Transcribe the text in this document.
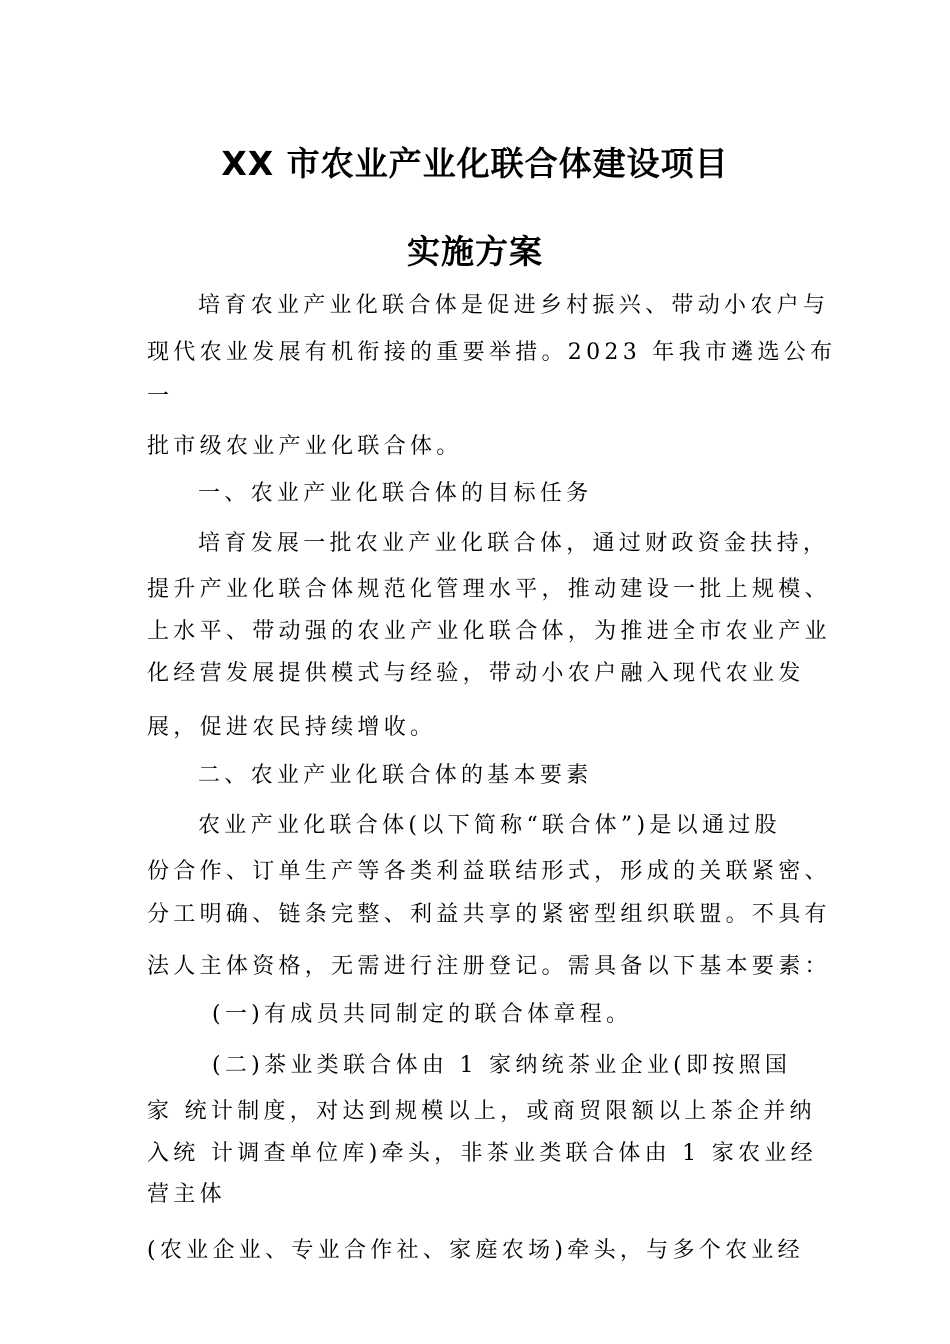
XX 市农业产业化联合体建设项目
实施方案
培育农业产业化联合体是促进乡村振兴、带动小农户与
现代农业发展有机衔接的重要举措。2023 年我市遴选公布
一
批市级农业产业化联合体。
一、农业产业化联合体的目标任务
培育发展一批农业产业化联合体，通过财政资金扶持，
提升产业化联合体规范化管理水平，推动建设一批上规模、
上水平、带动强的农业产业化联合体，为推进全市农业产业
化经营发展提供模式与经验，带动小农户融入现代农业发
展，促进农民持续增收。
二、农业产业化联合体的基本要素
农业产业化联合体(以下简称“联合体”)是以通过股
份合作、订单生产等各类利益联结形式，形成的关联紧密、
分工明确、链条完整、利益共享的紧密型组织联盟。不具有
法人主体资格，无需进行注册登记。需具备以下基本要素：
(一)有成员共同制定的联合体章程。
(二)茶业类联合体由 1 家纳统茶业企业(即按照国
家 统计制度，对达到规模以上，或商贸限额以上茶企并纳
入统 计调查单位库)牵头，非茶业类联合体由 1 家农业经
营主体
(农业企业、专业合作社、家庭农场)牵头，与多个农业经
